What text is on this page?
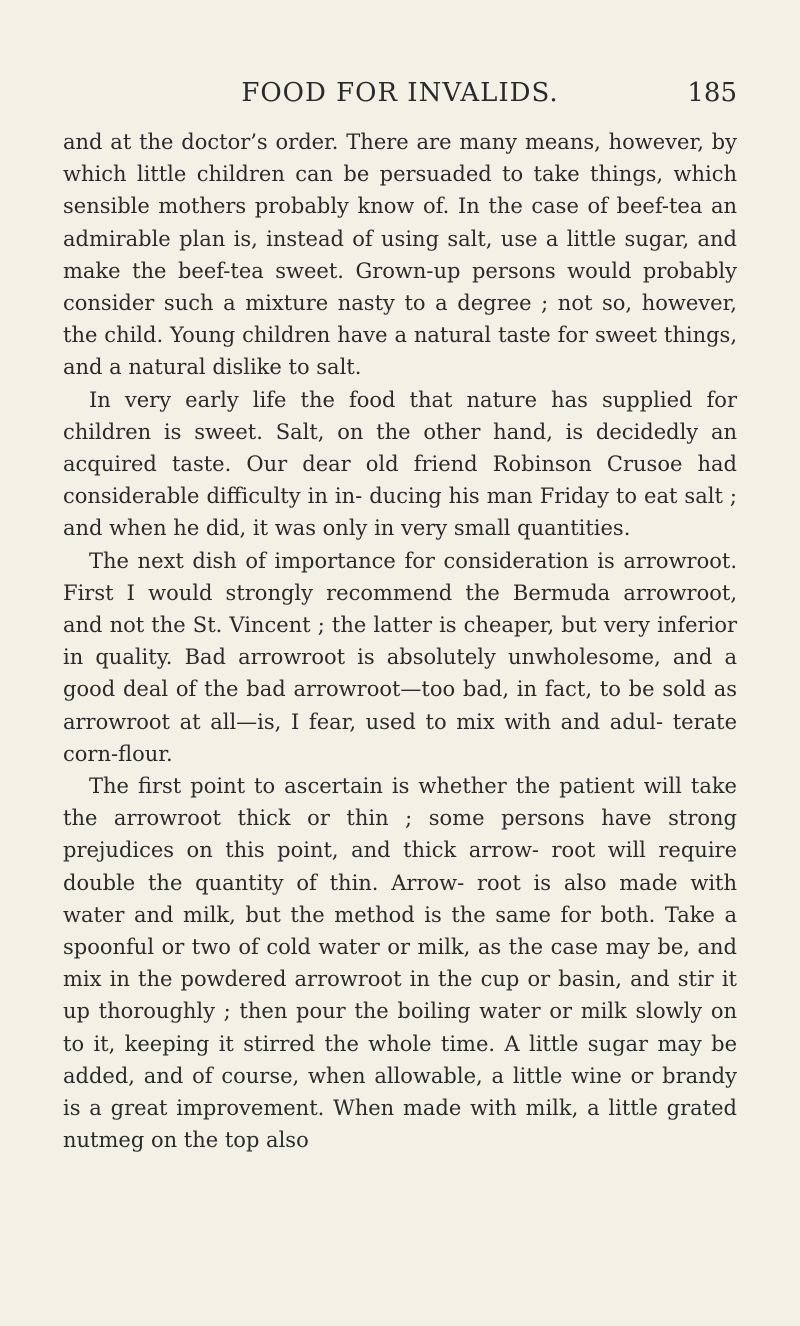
FOOD FOR INVALIDS.	185

and at the doctor’s order. There are many means, however, by which little children can be persuaded to take things, which sensible mothers probably know of. In the case of beef-tea an admirable plan is, instead of using salt, use a little sugar, and make the beef-tea sweet. Grown-up persons would probably consider such a mixture nasty to a degree ; not so, however, the child. Young children have a natural taste for sweet things, and a natural dislike to salt.

In very early life the food that nature has supplied for children is sweet. Salt, on the other hand, is decidedly an acquired taste. Our dear old friend Robinson Crusoe had considerable difficulty in in- ducing his man Friday to eat salt ; and when he did, it was only in very small quantities.

The next dish of importance for consideration is arrowroot. First I would strongly recommend the Bermuda arrowroot, and not the St. Vincent ; the latter is cheaper, but very inferior in quality. Bad arrowroot is absolutely unwholesome, and a good deal of the bad arrowroot—too bad, in fact, to be sold as arrowroot at all—is, I fear, used to mix with and adul- terate corn-flour.

The first point to ascertain is whether the patient will take the arrowroot thick or thin ; some persons have strong prejudices on this point, and thick arrow- root will require double the quantity of thin. Arrow- root is also made with water and milk, but the method is the same for both. Take a spoonful or two of cold water or milk, as the case may be, and mix in the powdered arrowroot in the cup or basin, and stir it up thoroughly ; then pour the boiling water or milk slowly on to it, keeping it stirred the whole time. A little sugar may be added, and of course, when allowable, a little wine or brandy is a great improvement. When made with milk, a little grated nutmeg on the top also
